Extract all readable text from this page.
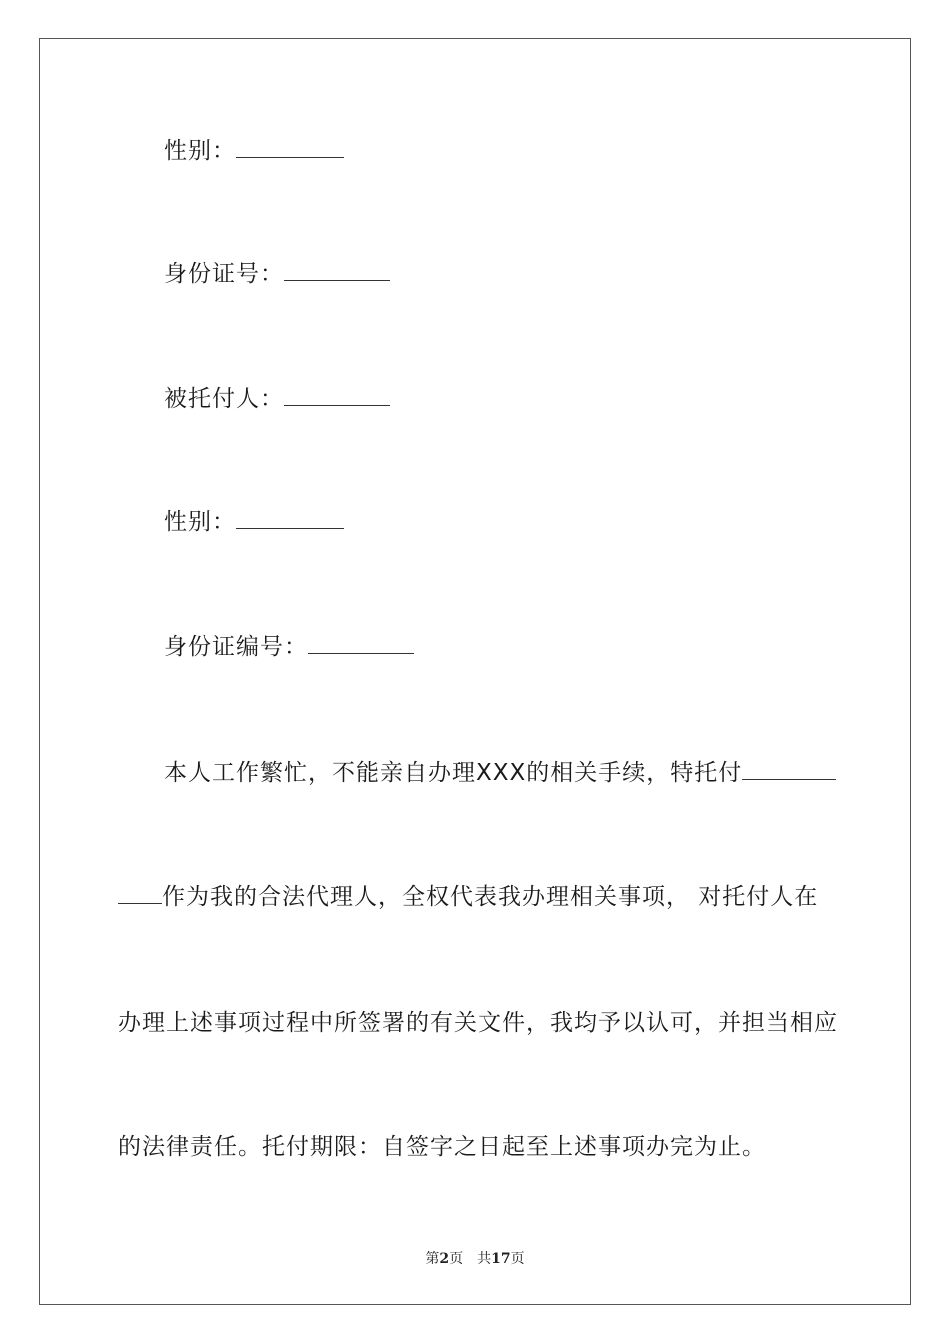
性别：
身份证号：
被托付人：
性别：
身份证编号：
本人工作繁忙，不能亲自办理XXX的相关手续，特托付
作为我的合法代理人，全权代表我办理相关事项， 对托付人在
办理上述事项过程中所签署的有关文件，我均予以认可，并担当相应
的法律责任。托付期限：自签字之日起至上述事项办完为止。
第2页　共17页
